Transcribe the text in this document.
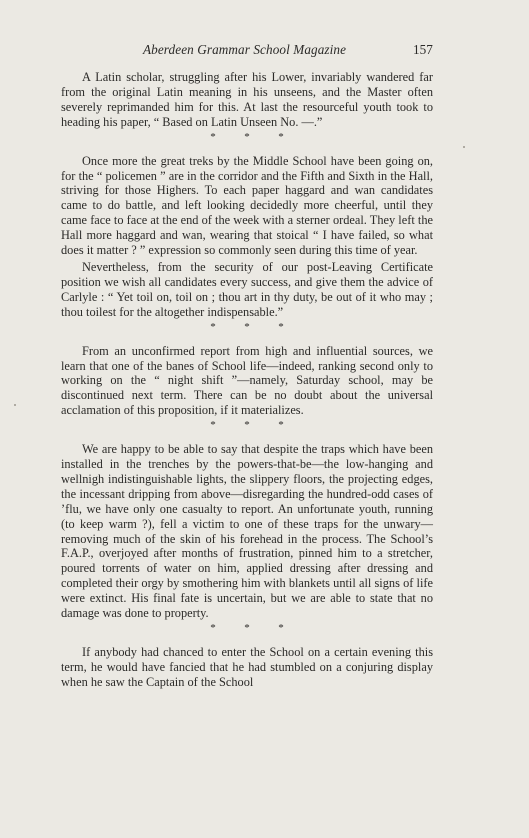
Aberdeen Grammar School Magazine	157

A Latin scholar, struggling after his Lower, invariably wandered far from the original Latin meaning in his unseens, and the Master often severely reprimanded him for this. At last the resourceful youth took to heading his paper, “ Based on Latin Unseen No. —.”

*	*	*

Once more the great treks by the Middle School have been going on, for the “ policemen ” are in the corridor and the Fifth and Sixth in the Hall, striving for those Highers. To each paper haggard and wan candidates came to do battle, and left looking decidedly more cheerful, until they came face to face at the end of the week with a sterner ordeal. They left the Hall more haggard and wan, wearing that stoical “ I have failed, so what does it matter ? ” expression so commonly seen during this time of year.

Nevertheless, from the security of our post-Leaving Certificate position we wish all candidates every success, and give them the advice of Carlyle : “ Yet toil on, toil on ; thou art in thy duty, be out of it who may ; thou toilest for the altogether indispensable.”

*	*	*

From an unconfirmed report from high and influential sources, we learn that one of the banes of School life—indeed, ranking second only to working on the “ night shift ”—namely, Saturday school, may be discontinued next term. There can be no doubt about the universal acclamation of this proposition, if it materializes.

*	*	*

We are happy to be able to say that despite the traps which have been installed in the trenches by the powers-that-be—the low-hanging and wellnigh indistinguishable lights, the slippery floors, the projecting edges, the incessant dripping from above—disregarding the hundred-odd cases of ’flu, we have only one casualty to report. An unfortunate youth, running (to keep warm ?), fell a victim to one of these traps for the unwary—removing much of the skin of his forehead in the process. The School’s F.A.P., overjoyed after months of frustration, pinned him to a stretcher, poured torrents of water on him, applied dressing after dressing and completed their orgy by smothering him with blankets until all signs of life were extinct. His final fate is uncertain, but we are able to state that no damage was done to property.

*	*	*

If anybody had chanced to enter the School on a certain evening this term, he would have fancied that he had stumbled on a conjuring display when he saw the Captain of the School
